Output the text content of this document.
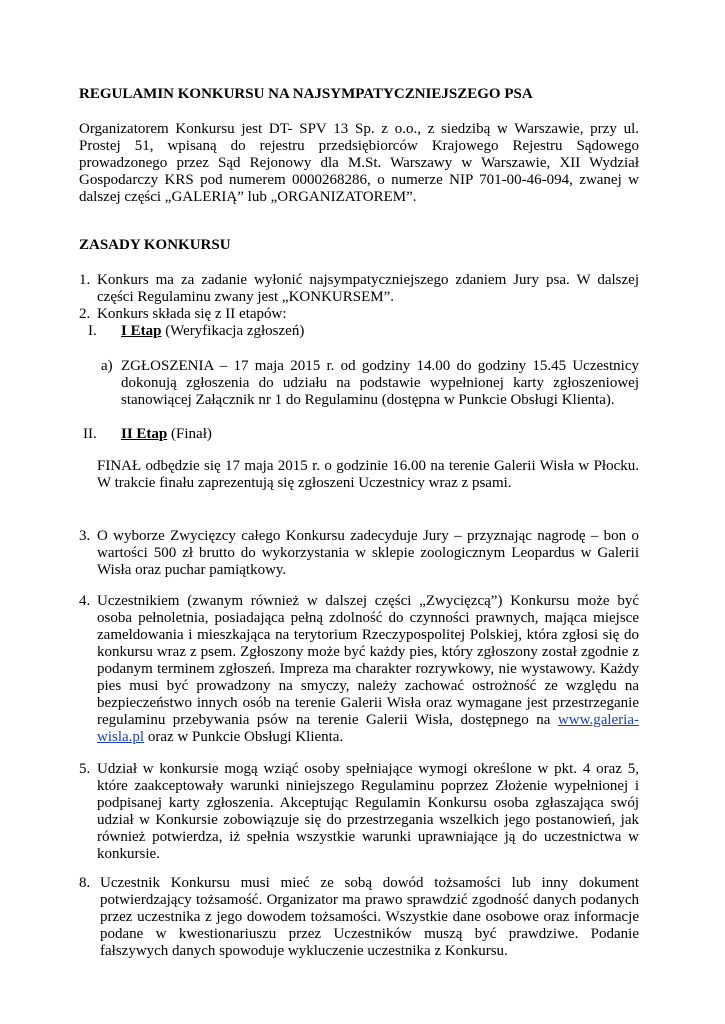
REGULAMIN KONKURSU NA NAJSYMPATYCZNIEJSZEGO PSA
Organizatorem Konkursu jest DT- SPV 13 Sp. z o.o., z siedzibą w Warszawie, przy ul. Prostej 51, wpisaną do rejestru przedsiębiorców Krajowego Rejestru Sądowego prowadzonego przez Sąd Rejonowy dla M.St. Warszawy w Warszawie, XII Wydział Gospodarczy KRS pod numerem 0000268286, o numerze NIP 701-00-46-094, zwanej w dalszej części „GALERIĄ” lub „ORGANIZATOREM”.
ZASADY KONKURSU
1. Konkurs ma za zadanie wyłonić najsympatyczniejszego zdaniem Jury psa. W dalszej części Regulaminu zwany jest „KONKURSEM”.
2. Konkurs składa się z II etapów:
I. I Etap (Weryfikacja zgłoszeń)
a) ZGŁOSZENIA – 17 maja 2015 r. od godziny 14.00 do godziny 15.45 Uczestnicy dokonują zgłoszenia do udziału na podstawie wypełnionej karty zgłoszeniowej stanowiącej Załącznik nr 1 do Regulaminu (dostępna w Punkcie Obsługi Klienta).
II. II Etap (Finał)
FINAŁ odbędzie się 17 maja 2015 r. o godzinie 16.00 na terenie Galerii Wisła w Płocku. W trakcie finału zaprezentują się zgłoszeni Uczestnicy wraz z psami.
3. O wyborze Zwycięzcy całego Konkursu zadecyduje Jury – przyznając nagrodę – bon o wartości 500 zł brutto do wykorzystania w sklepie zoologicznym Leopardus w Galerii Wisła oraz puchar pamiątkowy.
4. Uczestnikiem (zwanym również w dalszej części „Zwycięzcą”) Konkursu może być osoba pełnoletnia, posiadająca pełną zdolność do czynności prawnych, mająca miejsce zameldowania i mieszkająca na terytorium Rzeczypospolitej Polskiej, która zgłosi się do konkursu wraz z psem. Zgłoszony może być każdy pies, który zgłoszony został zgodnie z podanym terminem zgłoszeń. Impreza ma charakter rozrywkowy, nie wystawowy. Każdy pies musi być prowadzony na smyczy, należy zachować ostrożność ze względu na bezpieczeństwo innych osób na terenie Galerii Wisła oraz wymagane jest przestrzeganie regulaminu przebywania psów na terenie Galerii Wisła, dostępnego na www.galeria-wisla.pl oraz w Punkcie Obsługi Klienta.
5. Udział w konkursie mogą wziąć osoby spełniające wymogi określone w pkt. 4 oraz 5, które zaakceptowały warunki niniejszego Regulaminu poprzez Złożenie wypełnionej i podpisanej karty zgłoszenia. Akceptując Regulamin Konkursu osoba zgłaszająca swój udział w Konkursie zobowiązuje się do przestrzegania wszelkich jego postanowień, jak również potwierdza, iż spełnia wszystkie warunki uprawniające ją do uczestnictwa w konkursie.
8. Uczestnik Konkursu musi mieć ze sobą dowód tożsamości lub inny dokument potwierdzający tożsamość. Organizator ma prawo sprawdzić zgodność danych podanych przez uczestnika z jego dowodem tożsamości. Wszystkie dane osobowe oraz informacje podane w kwestionariuszu przez Uczestników muszą być prawdziwe. Podanie fałszywych danych spowoduje wykluczenie uczestnika z Konkursu.
